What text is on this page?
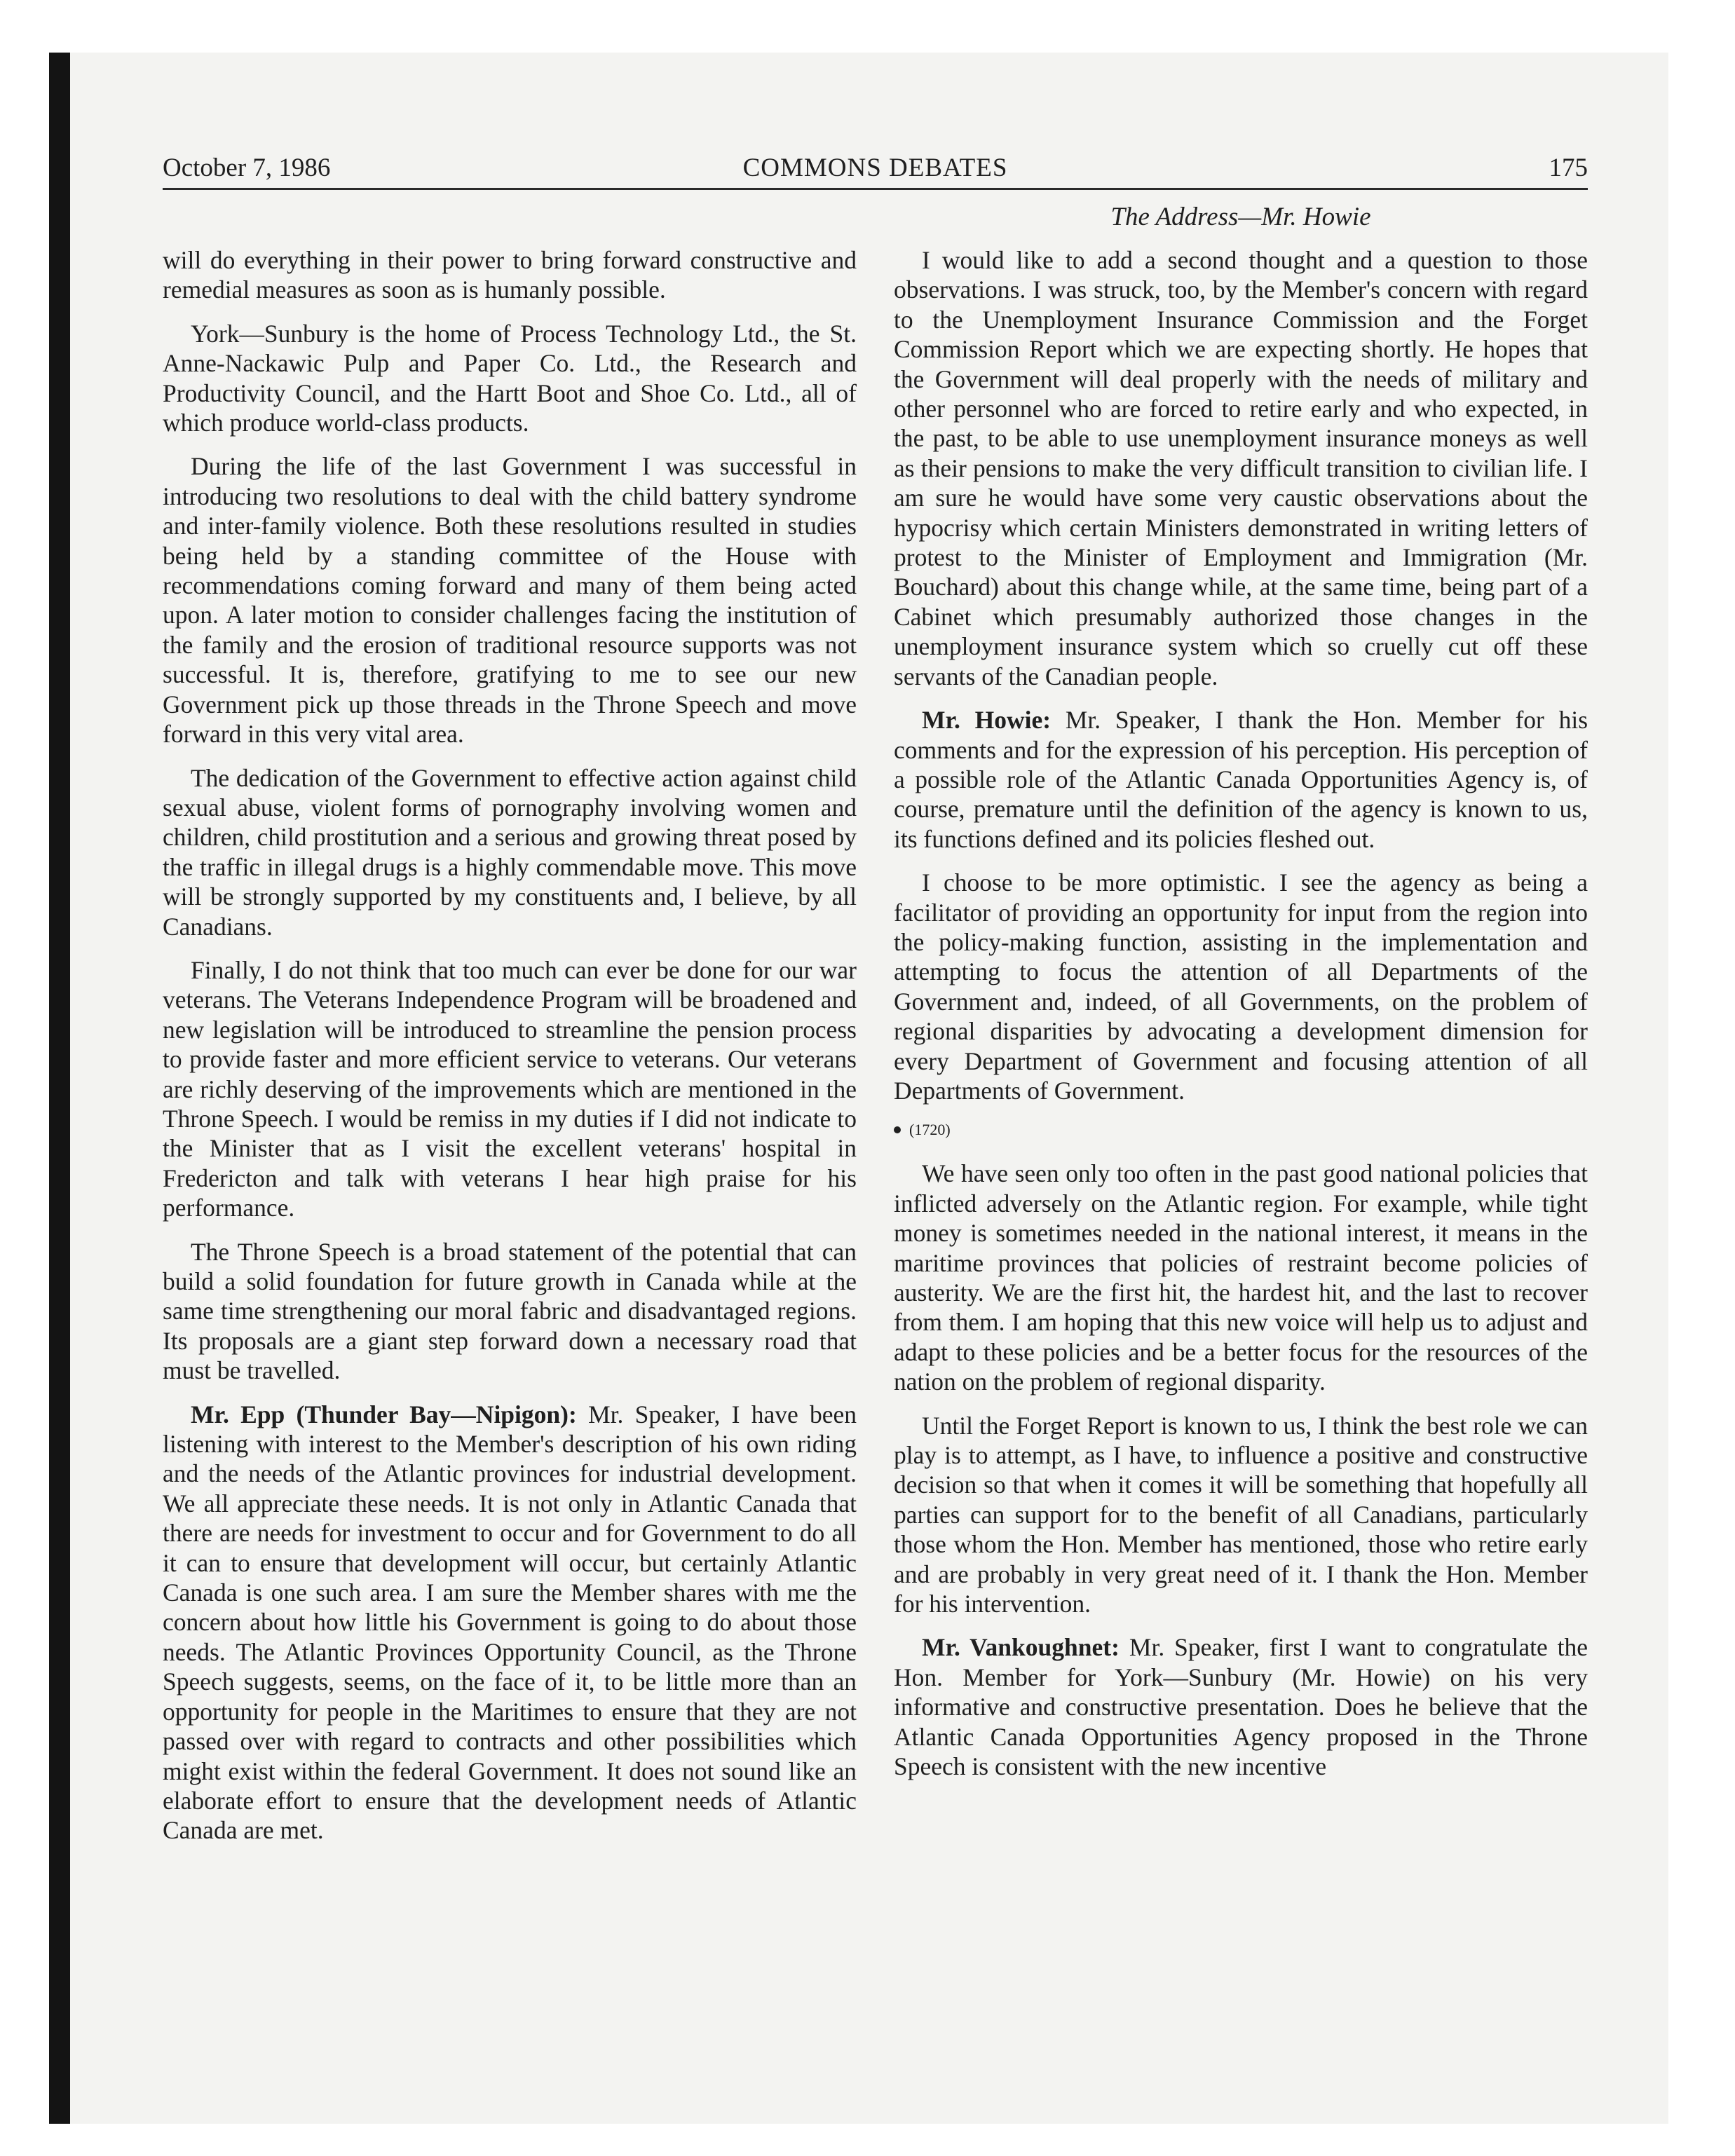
October 7, 1986	COMMONS DEBATES	175
The Address—Mr. Howie

will do everything in their power to bring forward constructive and remedial measures as soon as is humanly possible.

York—Sunbury is the home of Process Technology Ltd., the St. Anne-Nackawic Pulp and Paper Co. Ltd., the Research and Productivity Council, and the Hartt Boot and Shoe Co. Ltd., all of which produce world-class products.

During the life of the last Government I was successful in introducing two resolutions to deal with the child battery syndrome and inter-family violence. Both these resolutions resulted in studies being held by a standing committee of the House with recommendations coming forward and many of them being acted upon. A later motion to consider challenges facing the institution of the family and the erosion of traditional resource supports was not successful. It is, therefore, gratifying to me to see our new Government pick up those threads in the Throne Speech and move forward in this very vital area.

The dedication of the Government to effective action against child sexual abuse, violent forms of pornography involving women and children, child prostitution and a serious and growing threat posed by the traffic in illegal drugs is a highly commendable move. This move will be strongly supported by my constituents and, I believe, by all Canadians.

Finally, I do not think that too much can ever be done for our war veterans. The Veterans Independence Program will be broadened and new legislation will be introduced to streamline the pension process to provide faster and more efficient service to veterans. Our veterans are richly deserving of the improvements which are mentioned in the Throne Speech. I would be remiss in my duties if I did not indicate to the Minister that as I visit the excellent veterans' hospital in Fredericton and talk with veterans I hear high praise for his performance.

The Throne Speech is a broad statement of the potential that can build a solid foundation for future growth in Canada while at the same time strengthening our moral fabric and disadvantaged regions. Its proposals are a giant step forward down a necessary road that must be travelled.

Mr. Epp (Thunder Bay—Nipigon): Mr. Speaker, I have been listening with interest to the Member's description of his own riding and the needs of the Atlantic provinces for industrial development. We all appreciate these needs. It is not only in Atlantic Canada that there are needs for investment to occur and for Government to do all it can to ensure that development will occur, but certainly Atlantic Canada is one such area. I am sure the Member shares with me the concern about how little his Government is going to do about those needs. The Atlantic Provinces Opportunity Council, as the Throne Speech suggests, seems, on the face of it, to be little more than an opportunity for people in the Maritimes to ensure that they are not passed over with regard to contracts and other possibilities which might exist within the federal Government. It does not sound like an elaborate effort to ensure that the development needs of Atlantic Canada are met.

I would like to add a second thought and a question to those observations. I was struck, too, by the Member's concern with regard to the Unemployment Insurance Commission and the Forget Commission Report which we are expecting shortly. He hopes that the Government will deal properly with the needs of military and other personnel who are forced to retire early and who expected, in the past, to be able to use unemployment insurance moneys as well as their pensions to make the very difficult transition to civilian life. I am sure he would have some very caustic observations about the hypocrisy which certain Ministers demonstrated in writing letters of protest to the Minister of Employment and Immigration (Mr. Bouchard) about this change while, at the same time, being part of a Cabinet which presumably authorized those changes in the unemployment insurance system which so cruelly cut off these servants of the Canadian people.

Mr. Howie: Mr. Speaker, I thank the Hon. Member for his comments and for the expression of his perception. His perception of a possible role of the Atlantic Canada Opportunities Agency is, of course, premature until the definition of the agency is known to us, its functions defined and its policies fleshed out.

I choose to be more optimistic. I see the agency as being a facilitator of providing an opportunity for input from the region into the policy-making function, assisting in the implementation and attempting to focus the attention of all Departments of the Government and, indeed, of all Governments, on the problem of regional disparities by advocating a development dimension for every Department of Government and focusing attention of all Departments of Government.

(1720)

We have seen only too often in the past good national policies that inflicted adversely on the Atlantic region. For example, while tight money is sometimes needed in the national interest, it means in the maritime provinces that policies of restraint become policies of austerity. We are the first hit, the hardest hit, and the last to recover from them. I am hoping that this new voice will help us to adjust and adapt to these policies and be a better focus for the resources of the nation on the problem of regional disparity.

Until the Forget Report is known to us, I think the best role we can play is to attempt, as I have, to influence a positive and constructive decision so that when it comes it will be something that hopefully all parties can support for to the benefit of all Canadians, particularly those whom the Hon. Member has mentioned, those who retire early and are probably in very great need of it. I thank the Hon. Member for his intervention.

Mr. Vankoughnet: Mr. Speaker, first I want to congratulate the Hon. Member for York—Sunbury (Mr. Howie) on his very informative and constructive presentation. Does he believe that the Atlantic Canada Opportunities Agency proposed in the Throne Speech is consistent with the new incentive
